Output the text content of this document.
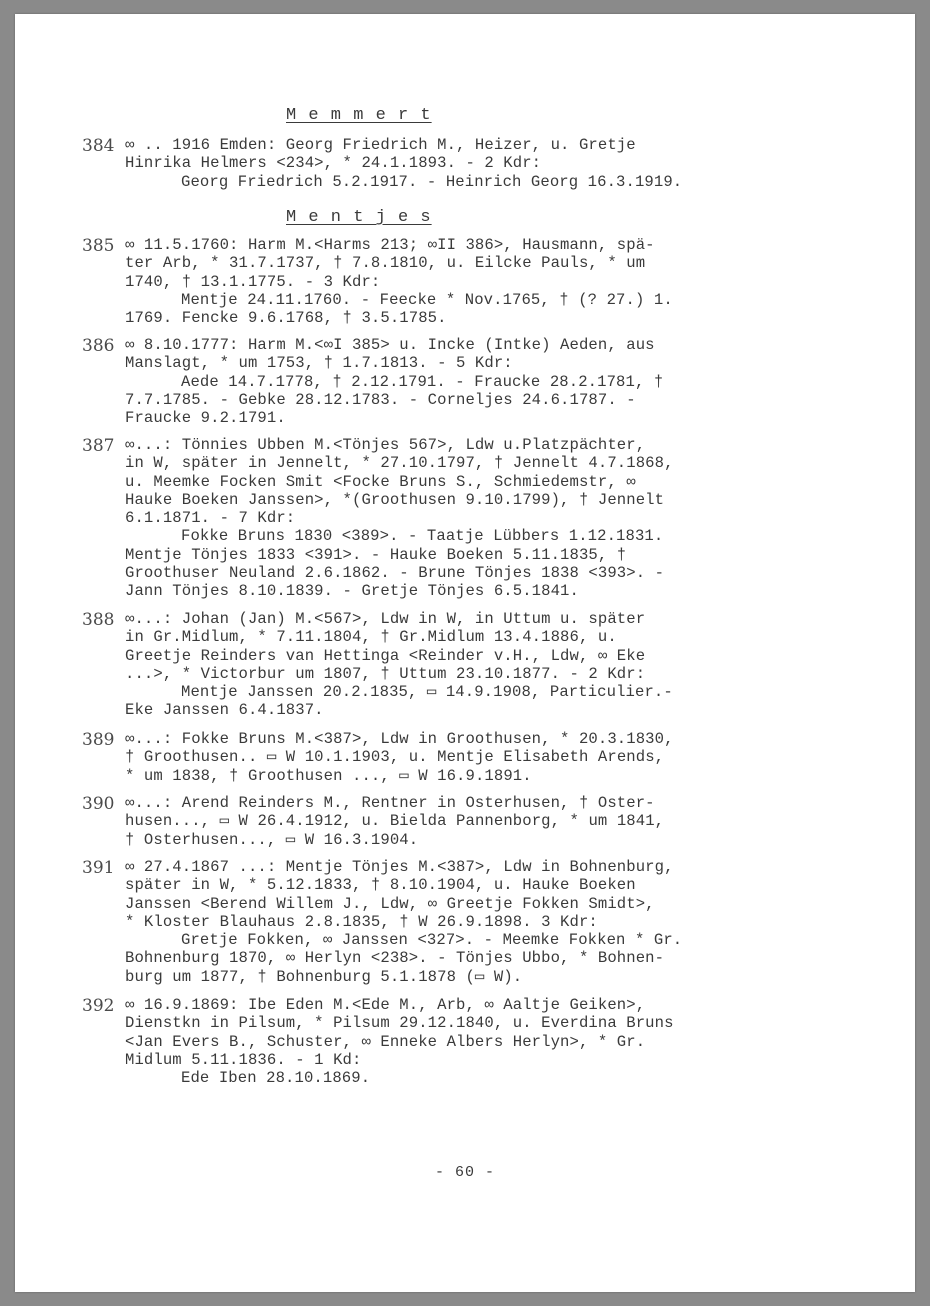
M e m m e r t
384 ∞ .. 1916 Emden: Georg Friedrich M., Heizer, u. Gretje
Hinrika Helmers <234>, * 24.1.1893. - 2 Kdr:
Georg Friedrich 5.2.1917. - Heinrich Georg 16.3.1919.
M e n t j e s
385 ∞ 11.5.1760: Harm M.<Harms 213; ∞II 386>, Hausmann, spä-
ter Arb, * 31.7.1737, † 7.8.1810, u. Eilcke Pauls, * um
1740, † 13.1.1775. - 3 Kdr:
Mentje 24.11.1760. - Feecke * Nov.1765, † (? 27.) 1.
1769. Fencke 9.6.1768, † 3.5.1785.
386 ∞ 8.10.1777: Harm M.<∞I 385> u. Incke (Intke) Aeden, aus
Manslagt, * um 1753, † 1.7.1813. - 5 Kdr:
Aede 14.7.1778, † 2.12.1791. - Fraucke 28.2.1781, †
7.7.1785. - Gebke 28.12.1783. - Corneljes 24.6.1787. -
Fraucke 9.2.1791.
387 ∞...: Tönnies Ubben M.<Tönjes 567>, Ldw u.Platzpächter,
in W, später in Jennelt, * 27.10.1797, † Jennelt 4.7.1868,
u. Meemke Focken Smit <Focke Bruns S., Schmiedemstr, ∞
Hauke Boeken Janssen>, *(Groothusen 9.10.1799), † Jennelt
6.1.1871. - 7 Kdr:
Fokke Bruns 1830 <389>. - Taatje Lübbers 1.12.1831.
Mentje Tönjes 1833 <391>. - Hauke Boeken 5.11.1835, †
Groothuser Neuland 2.6.1862. - Brune Tönjes 1838 <393>. -
Jann Tönjes 8.10.1839. - Gretje Tönjes 6.5.1841.
388 ∞...: Johan (Jan) M.<567>, Ldw in W, in Uttum u. später
in Gr.Midlum, * 7.11.1804, † Gr.Midlum 13.4.1886, u.
Greetje Reinders van Hettinga <Reinder v.H., Ldw, ∞ Eke
...>, * Victorbur um 1807, † Uttum 23.10.1877. - 2 Kdr:
Mentje Janssen 20.2.1835, ▭ 14.9.1908, Particulier.-
Eke Janssen 6.4.1837.
389 ∞...: Fokke Bruns M.<387>, Ldw in Groothusen, * 20.3.1830,
† Groothusen.. ▭ W 10.1.1903, u. Mentje Elisabeth Arends,
* um 1838, † Groothusen ..., ▭ W 16.9.1891.
390 ∞...: Arend Reinders M., Rentner in Osterhusen, † Oster-
husen..., ▭ W 26.4.1912, u. Bielda Pannenborg, * um 1841,
† Osterhusen..., ▭ W 16.3.1904.
391 ∞ 27.4.1867 ...: Mentje Tönjes M.<387>, Ldw in Bohnenburg,
später in W, * 5.12.1833, † 8.10.1904, u. Hauke Boeken
Janssen <Berend Willem J., Ldw, ∞ Greetje Fokken Smidt>,
* Kloster Blauhaus 2.8.1835, † W 26.9.1898. 3 Kdr:
Gretje Fokken, ∞ Janssen <327>. - Meemke Fokken * Gr.
Bohnenburg 1870, ∞ Herlyn <238>. - Tönjes Ubbo, * Bohnen-
burg um 1877, † Bohnenburg 5.1.1878 (▭ W).
392 ∞ 16.9.1869: Ibe Eden M.<Ede M., Arb, ∞ Aaltje Geiken>,
Dienstkn in Pilsum, * Pilsum 29.12.1840, u. Everdina Bruns
<Jan Evers B., Schuster, ∞ Enneke Albers Herlyn>, * Gr.
Midlum 5.11.1836. - 1 Kd:
Ede Iben 28.10.1869.
- 60 -
